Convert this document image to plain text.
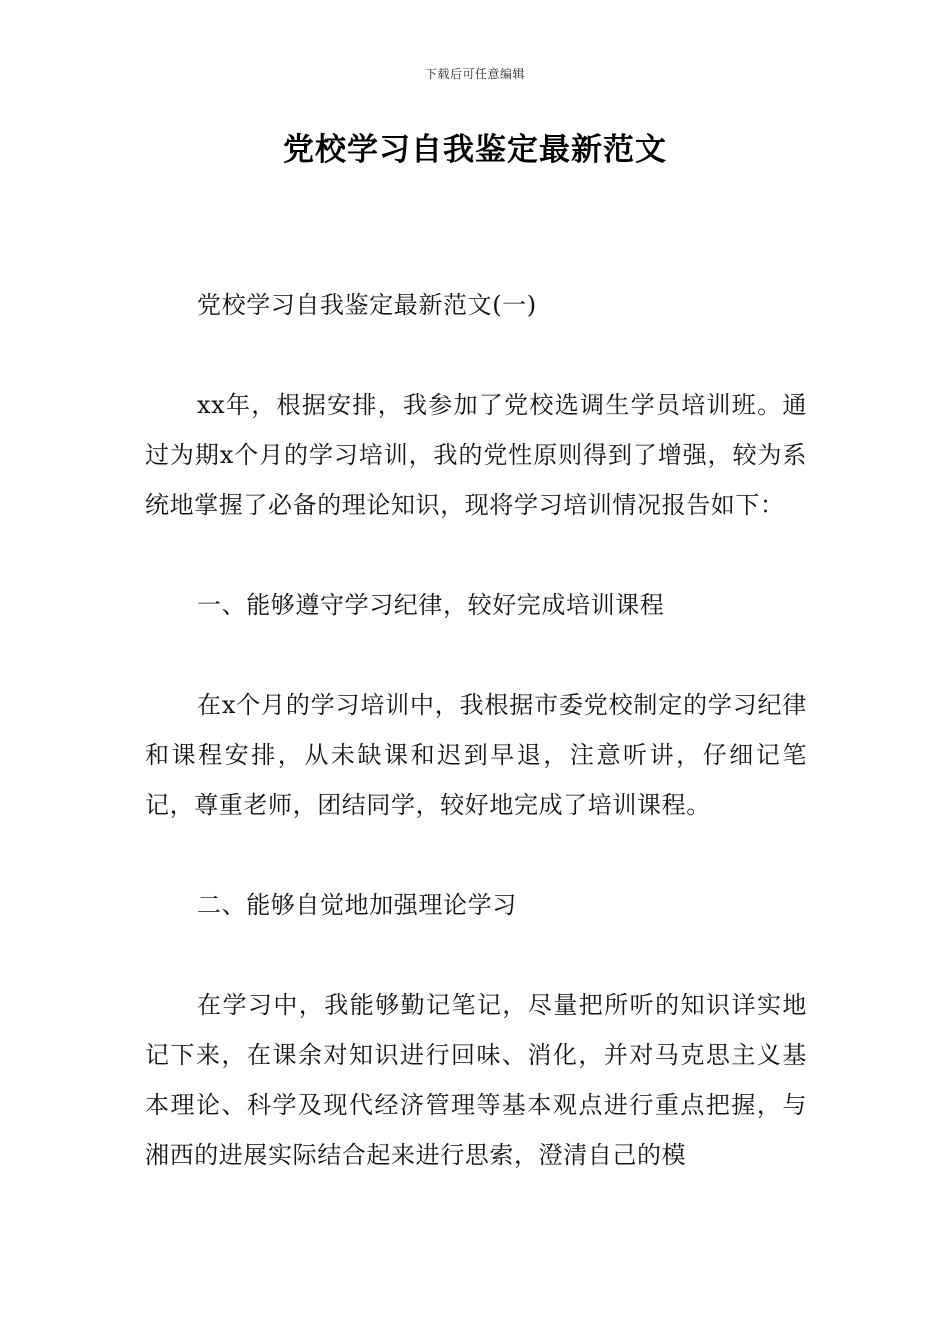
下载后可任意编辑
党校学习自我鉴定最新范文

党校学习自我鉴定最新范文(一)

xx年，根据安排，我参加了党校选调生学员培训班。通过为期x个月的学习培训，我的党性原则得到了增强，较为系统地掌握了必备的理论知识，现将学习培训情况报告如下：

一、能够遵守学习纪律，较好完成培训课程

在x个月的学习培训中，我根据市委党校制定的学习纪律和课程安排，从未缺课和迟到早退，注意听讲，仔细记笔记，尊重老师，团结同学，较好地完成了培训课程。

二、能够自觉地加强理论学习

在学习中，我能够勤记笔记，尽量把所听的知识详实地记下来，在课余对知识进行回味、消化，并对马克思主义基本理论、科学及现代经济管理等基本观点进行重点把握，与湘西的进展实际结合起来进行思索，澄清自己的模
